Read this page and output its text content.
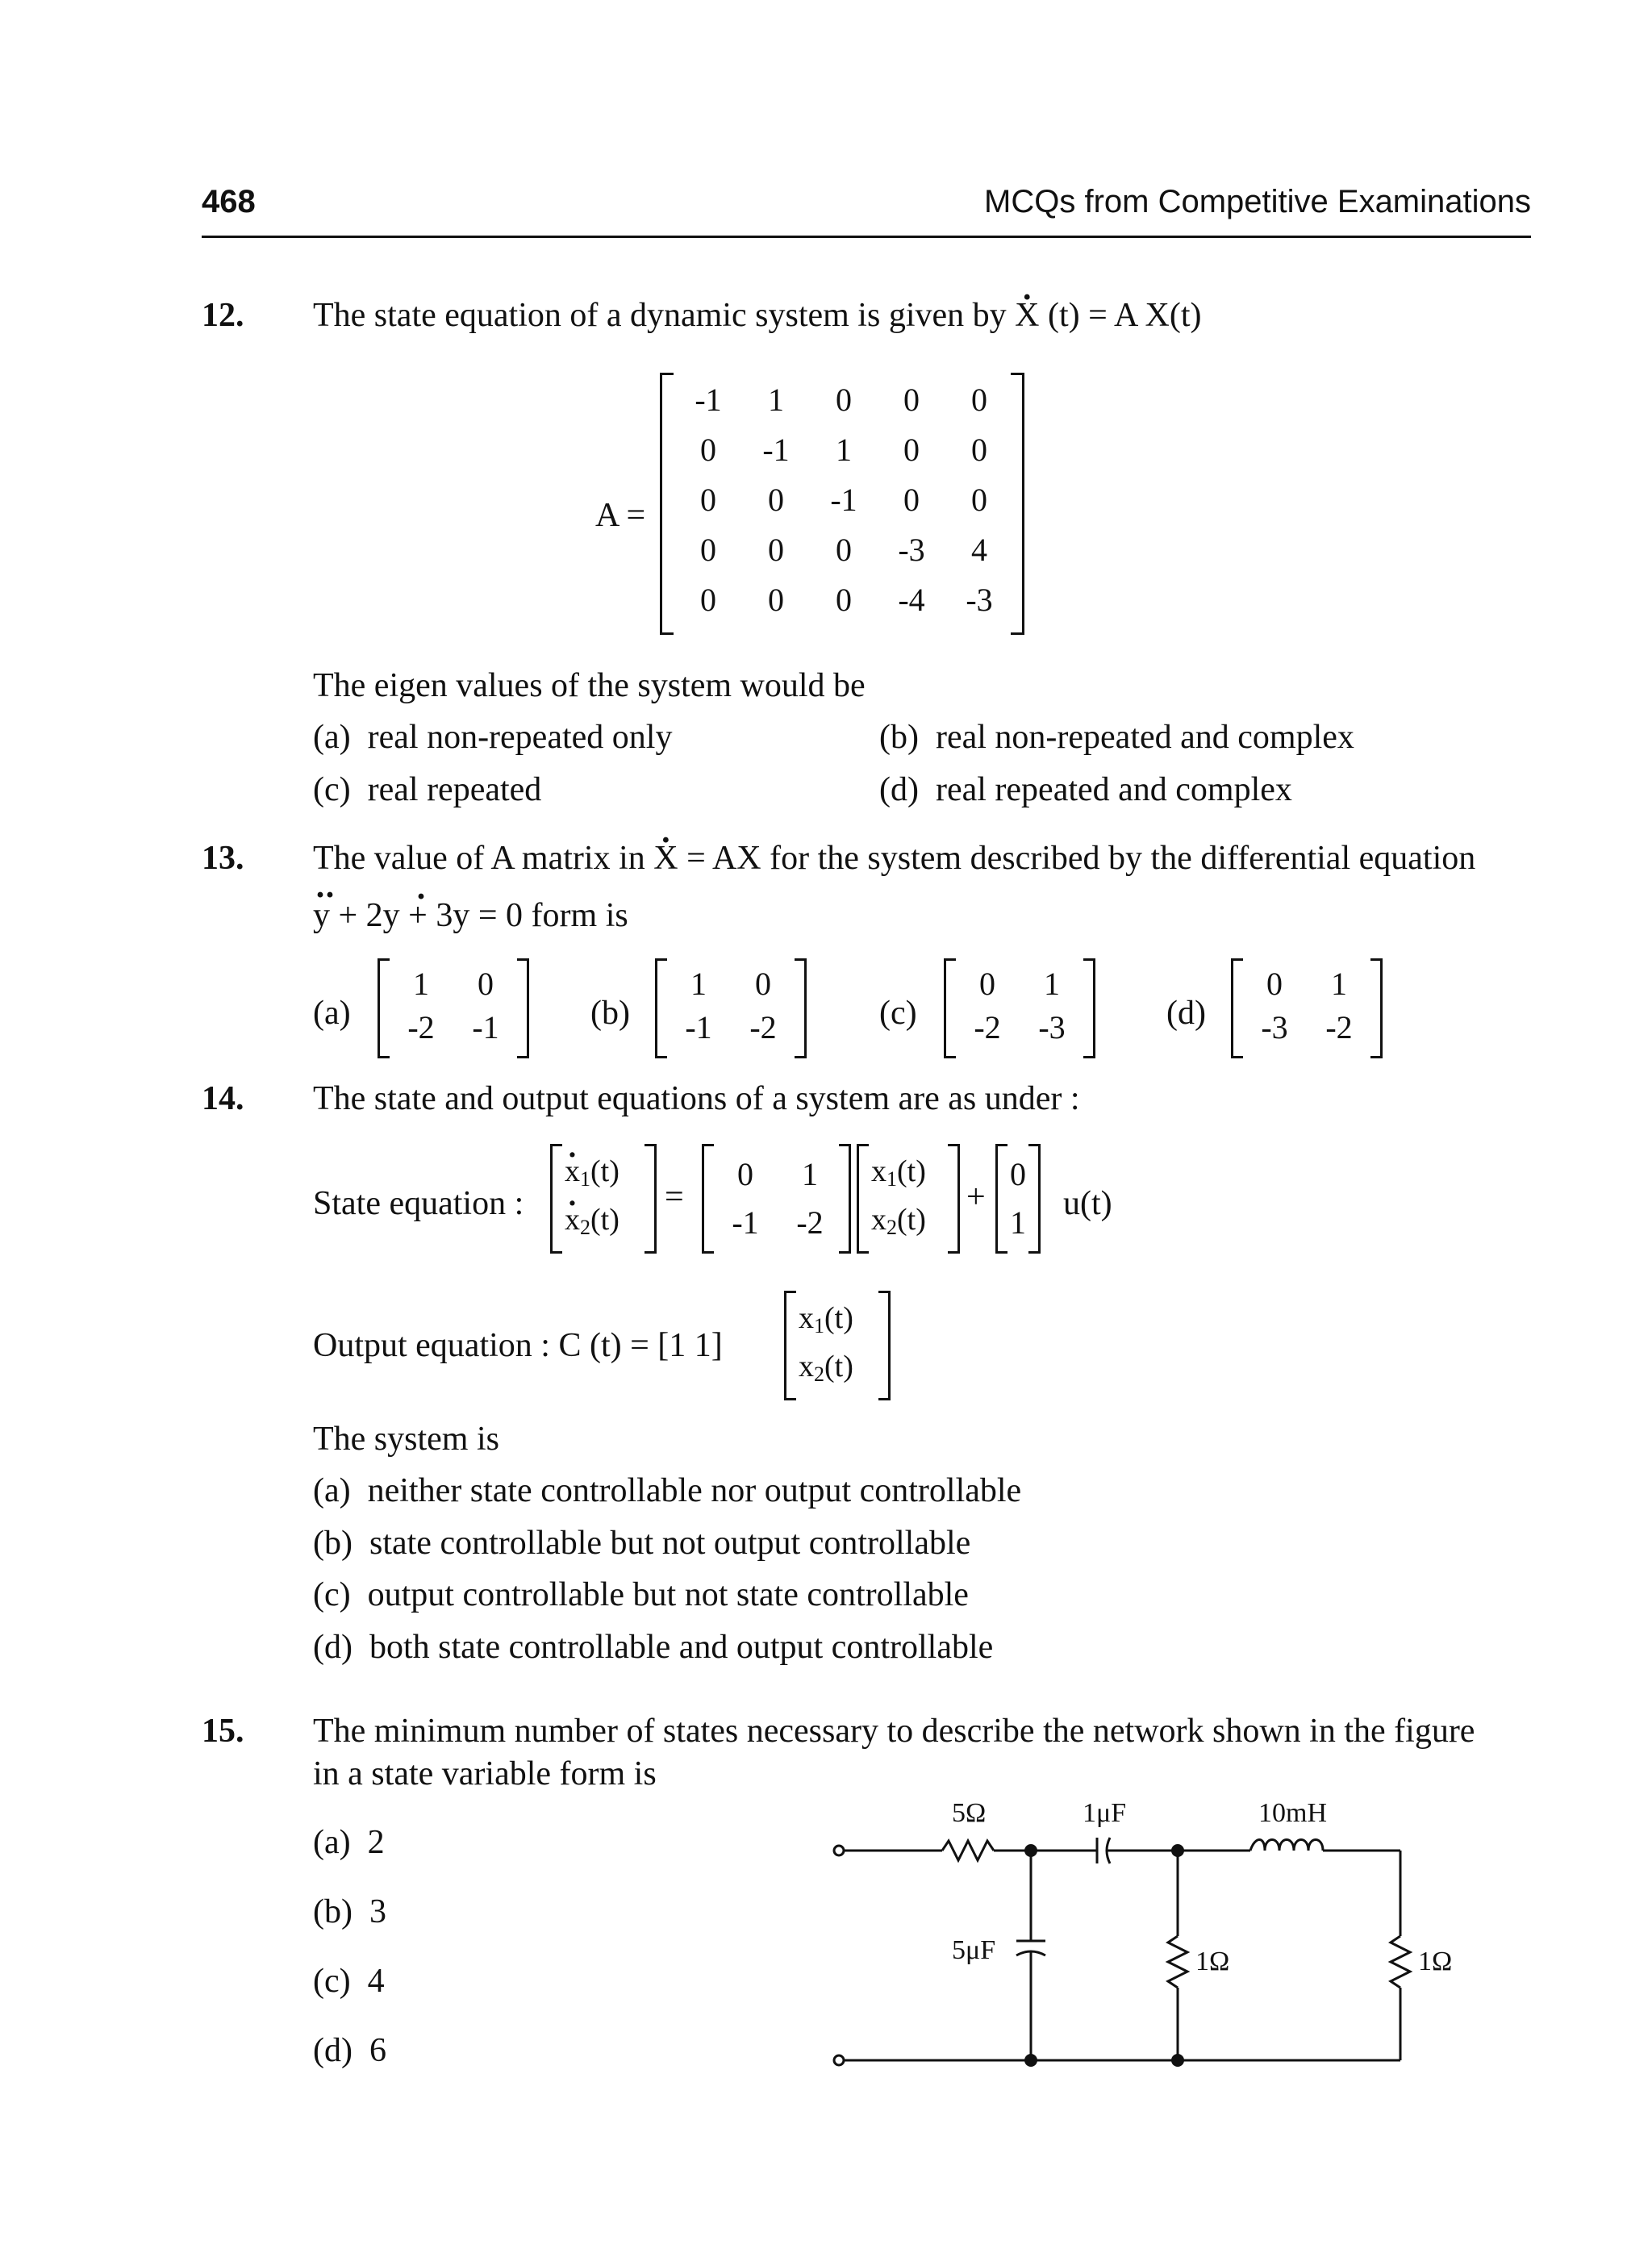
468	MCQs from Competitive Examinations
12. The state equation of a dynamic system is given by · X (t) = A X(t)
A =
-1	1	0	0	0
0	-1	1	0	0
0	0	-1	0	0
0	0	0	-3	4
0	0	0	-4	-3
The eigen values of the system would be
(a) real non-repeated only	(b) real non-repeated and complex
(c) real repeated	(d) real repeated and complex
13. The value of A matrix in · X = AX for the system described by the differential equation
y + 2y + 3y = 0 form is
(a)
1	0
-2	-1	(b)
1	0
-1	-2	(c)
0	1
-2	-3	(d)
0	1
-3	-2
14. The state and output equations of a system are as under :
State equation :
· $x_1(t)$
· $x_2(t)$
=
0	1
-1	-2
$x_1(t)$
$x_2(t)$
+
0
1
u(t)
Output equation : C (t) = [1 1]
$x_1(t)$
$x_2(t)$
The system is
(a) neither state controllable nor output controllable
(b) state controllable but not output controllable
(c) output controllable but not state controllable
(d) both state controllable and output controllable
15. The minimum number of states necessary to describe the network shown in the figure
in a state variable form is
(a) 2
(b) 3
(c) 4
(d) 6
5Ω	1μF	10mH
5μF	1Ω	1Ω
